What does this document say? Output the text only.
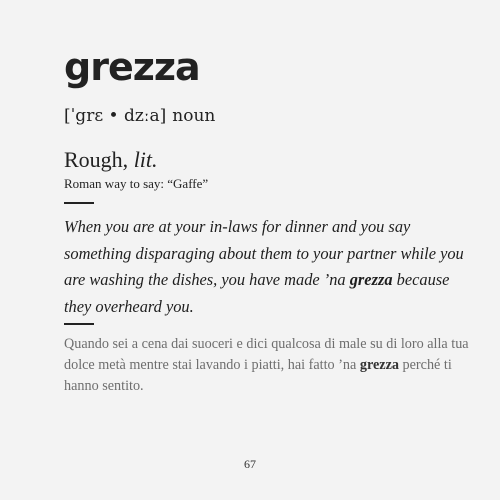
grezza
[ˈgrɛ • dzːa] noun
Rough, lit.
Roman way to say: “Gaffe”

When you are at your in-laws for dinner and you say something disparaging about them to your partner while you are washing the dishes, you have made ’na grezza because they overheard you.

Quando sei a cena dai suoceri e dici qualcosa di male su di loro alla tua dolce metà mentre stai lavando i piatti, hai fatto ’na grezza perché ti hanno sentito.

67
